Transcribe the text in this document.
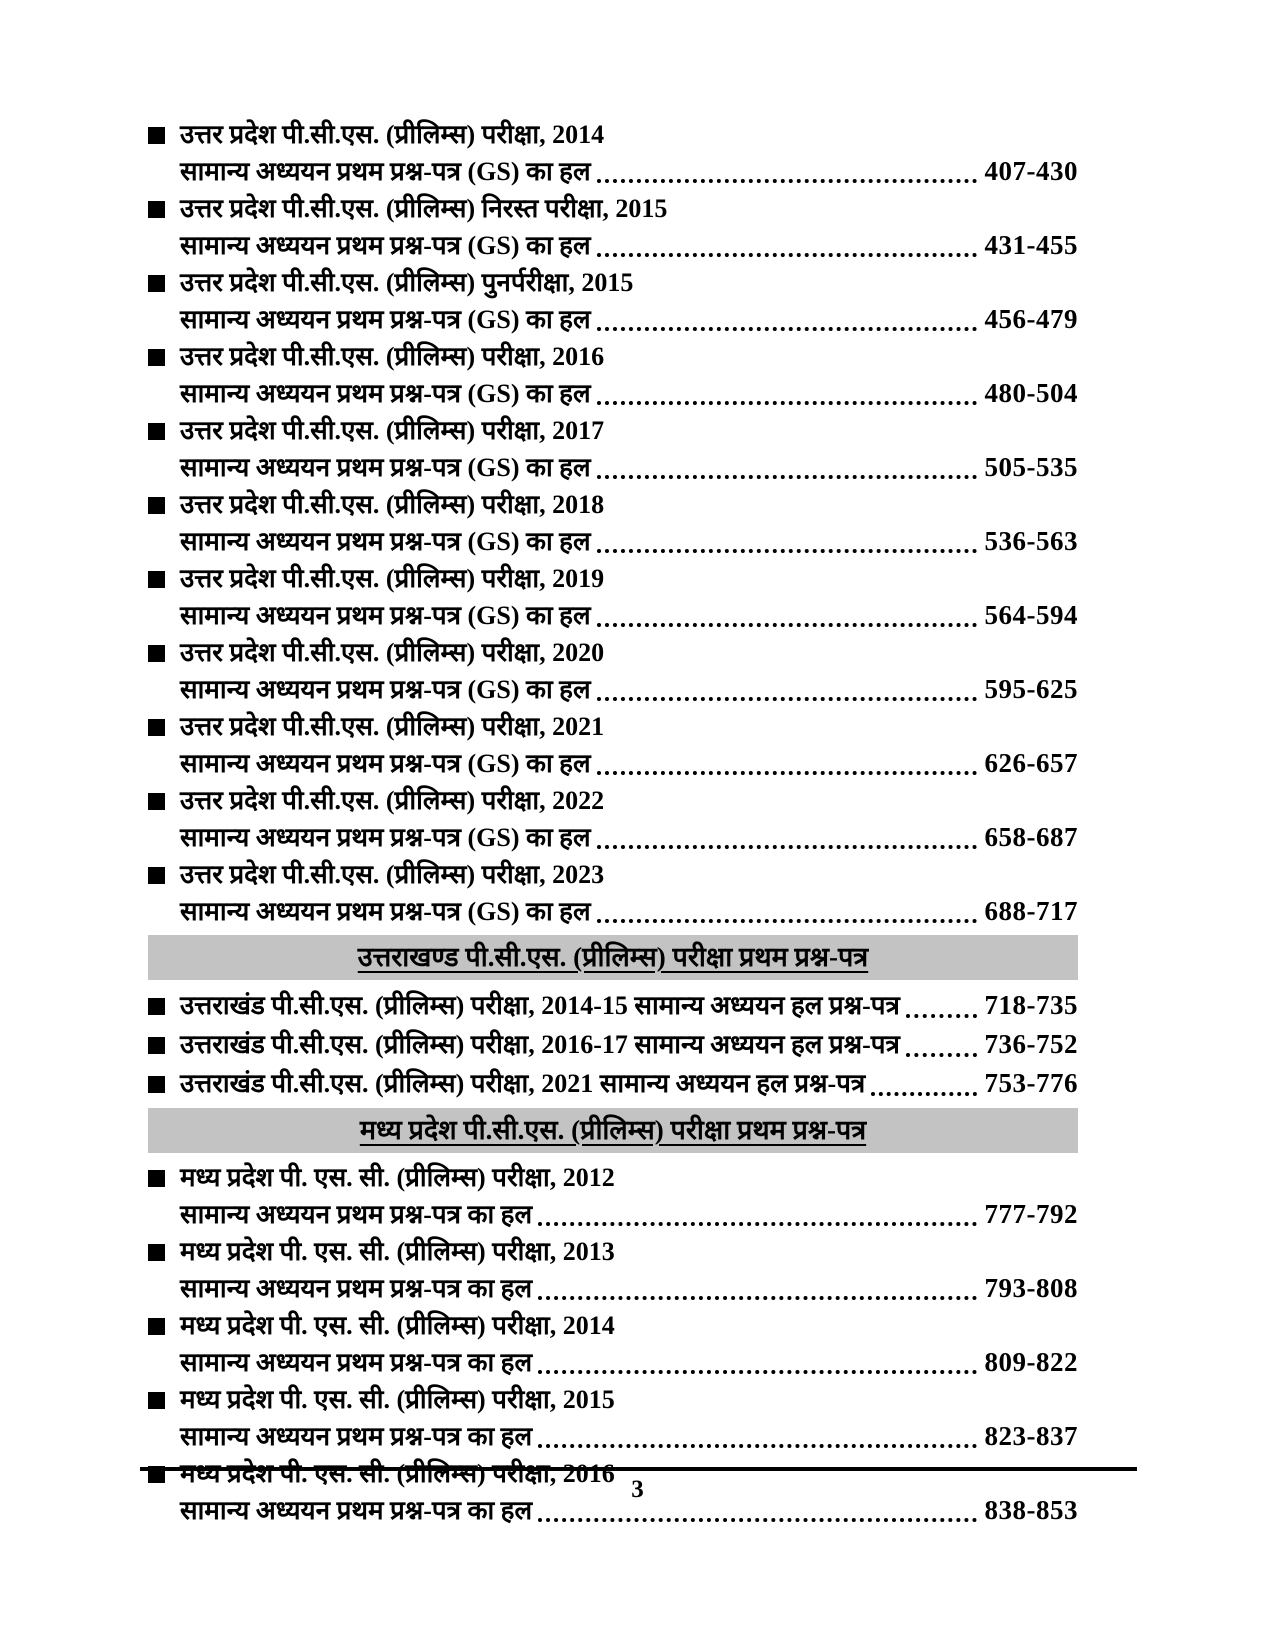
उत्तर प्रदेश पी.सी.एस. (प्रीलिम्स) परीक्षा, 2014
सामान्य अध्ययन प्रथम प्रश्न-पत्र (GS) का हल	407-430
उत्तर प्रदेश पी.सी.एस. (प्रीलिम्स) निरस्त परीक्षा, 2015
सामान्य अध्ययन प्रथम प्रश्न-पत्र (GS) का हल	431-455
उत्तर प्रदेश पी.सी.एस. (प्रीलिम्स) पुनर्परीक्षा, 2015
सामान्य अध्ययन प्रथम प्रश्न-पत्र (GS) का हल	456-479
उत्तर प्रदेश पी.सी.एस. (प्रीलिम्स) परीक्षा, 2016
सामान्य अध्ययन प्रथम प्रश्न-पत्र (GS) का हल	480-504
उत्तर प्रदेश पी.सी.एस. (प्रीलिम्स) परीक्षा, 2017
सामान्य अध्ययन प्रथम प्रश्न-पत्र (GS) का हल	505-535
उत्तर प्रदेश पी.सी.एस. (प्रीलिम्स) परीक्षा, 2018
सामान्य अध्ययन प्रथम प्रश्न-पत्र (GS) का हल	536-563
उत्तर प्रदेश पी.सी.एस. (प्रीलिम्स) परीक्षा, 2019
सामान्य अध्ययन प्रथम प्रश्न-पत्र (GS) का हल	564-594
उत्तर प्रदेश पी.सी.एस. (प्रीलिम्स) परीक्षा, 2020
सामान्य अध्ययन प्रथम प्रश्न-पत्र (GS) का हल	595-625
उत्तर प्रदेश पी.सी.एस. (प्रीलिम्स) परीक्षा, 2021
सामान्य अध्ययन प्रथम प्रश्न-पत्र (GS) का हल	626-657
उत्तर प्रदेश पी.सी.एस. (प्रीलिम्स) परीक्षा, 2022
सामान्य अध्ययन प्रथम प्रश्न-पत्र (GS) का हल	658-687
उत्तर प्रदेश पी.सी.एस. (प्रीलिम्स) परीक्षा, 2023
सामान्य अध्ययन प्रथम प्रश्न-पत्र (GS) का हल	688-717
उत्तराखण्ड पी.सी.एस. (प्रीलिम्स) परीक्षा प्रथम प्रश्न-पत्र
उत्तराखंड पी.सी.एस. (प्रीलिम्स) परीक्षा, 2014-15 सामान्य अध्ययन हल प्रश्न-पत्र	718-735
उत्तराखंड पी.सी.एस. (प्रीलिम्स) परीक्षा, 2016-17 सामान्य अध्ययन हल प्रश्न-पत्र	736-752
उत्तराखंड पी.सी.एस. (प्रीलिम्स) परीक्षा, 2021 सामान्य अध्ययन हल प्रश्न-पत्र	753-776
मध्य प्रदेश पी.सी.एस. (प्रीलिम्स) परीक्षा प्रथम प्रश्न-पत्र
मध्य प्रदेश पी. एस. सी. (प्रीलिम्स) परीक्षा, 2012
सामान्य अध्ययन प्रथम प्रश्न-पत्र का हल	777-792
मध्य प्रदेश पी. एस. सी. (प्रीलिम्स) परीक्षा, 2013
सामान्य अध्ययन प्रथम प्रश्न-पत्र का हल	793-808
मध्य प्रदेश पी. एस. सी. (प्रीलिम्स) परीक्षा, 2014
सामान्य अध्ययन प्रथम प्रश्न-पत्र का हल	809-822
मध्य प्रदेश पी. एस. सी. (प्रीलिम्स) परीक्षा, 2015
सामान्य अध्ययन प्रथम प्रश्न-पत्र का हल	823-837
मध्य प्रदेश पी. एस. सी. (प्रीलिम्स) परीक्षा, 2016
सामान्य अध्ययन प्रथम प्रश्न-पत्र का हल	838-853
3
